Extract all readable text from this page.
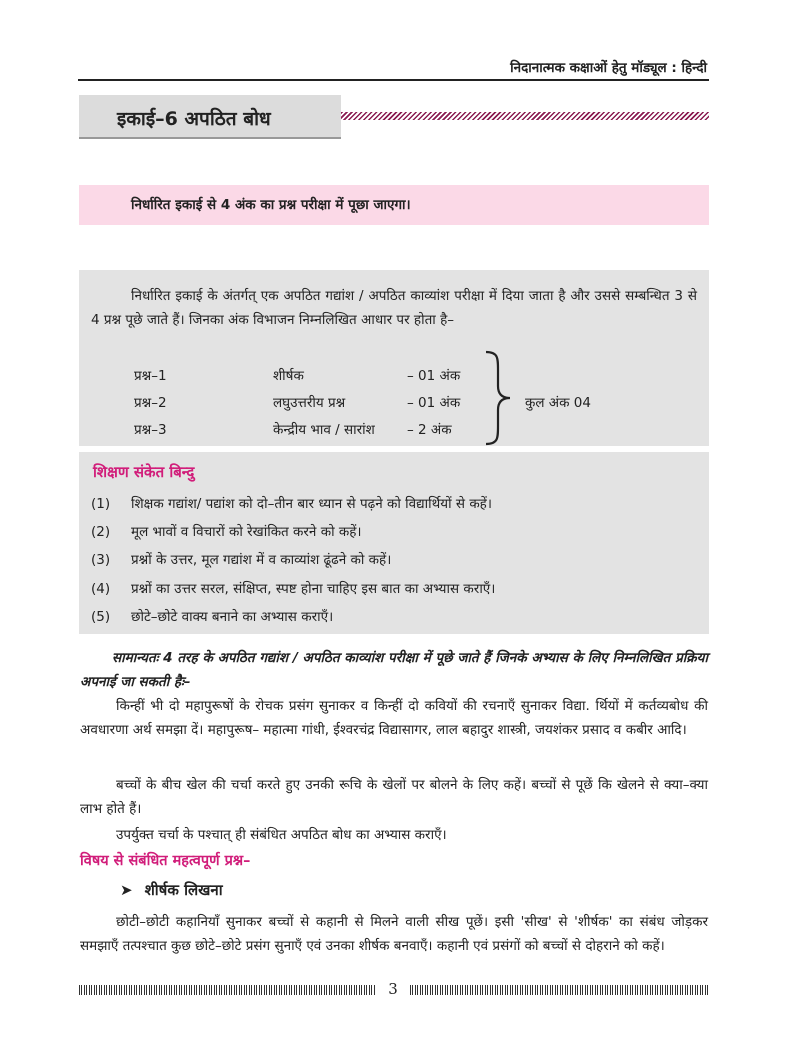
निदानात्मक कक्षाओं हेतु मॉड्यूल : हिन्दी
इकाई–6 अपठित बोध
निर्धारित इकाई से 4 अंक का प्रश्न परीक्षा में पूछा जाएगा।
निर्धारित इकाई के अंतर्गत् एक अपठित गद्यांश / अपठित काव्यांश परीक्षा में दिया जाता है और उससे सम्बन्धित 3 से 4 प्रश्न पूछे जाते हैं। जिनका अंक विभाजन निम्नलिखित आधार पर होता है–
प्रश्न–1	शीर्षक	– 01 अंक
प्रश्न–2	लघुउत्तरीय प्रश्न	– 01 अंक
प्रश्न–3	केन्द्रीय भाव / सारांश – 2 अंक
कुल अंक 04
शिक्षण संकेत बिन्दु
(1) शिक्षक गद्यांश/ पद्यांश को दो–तीन बार ध्यान से पढ़ने को विद्यार्थियों से कहें।
(2) मूल भावों व विचारों को रेखांकित करने को कहें।
(3) प्रश्नों के उत्तर, मूल गद्यांश में व काव्यांश ढूंढने को कहें।
(4) प्रश्नों का उत्तर सरल, संक्षिप्त, स्पष्ट होना चाहिए इस बात का अभ्यास कराएँ।
(5) छोटे–छोटे वाक्य बनाने का अभ्यास कराएँ।
सामान्यतः 4 तरह के अपठित गद्यांश / अपठित काव्यांश परीक्षा में पूछे जाते हैं जिनके अभ्यास के लिए निम्नलिखित प्रक्रिया अपनाई जा सकती हैः–
किन्हीं भी दो महापुरूषों के रोचक प्रसंग सुनाकर व किन्हीं दो कवियों की रचनाएँ सुनाकर विद्या. र्थियों में कर्तव्यबोध की अवधारणा अर्थ समझा दें। महापुरूष– महात्मा गांधी, ईश्वरचंद्र विद्यासागर, लाल बहादुर शास्त्री, जयशंकर प्रसाद व कबीर आदि।
बच्चों के बीच खेल की चर्चा करते हुए उनकी रूचि के खेलों पर बोलने के लिए कहें। बच्चों से पूछें कि खेलने से क्या–क्या लाभ होते हैं।
उपर्युक्त चर्चा के पश्चात् ही संबंधित अपठित बोध का अभ्यास कराएँ।
विषय से संबंधित महत्वपूर्ण प्रश्न–
➤ शीर्षक लिखना
छोटी–छोटी कहानियाँ सुनाकर बच्चों से कहानी से मिलने वाली सीख पूछें। इसी 'सीख' से 'शीर्षक' का संबंध जोड़कर समझाएँ तत्पश्चात कुछ छोटे–छोटे प्रसंग सुनाएँ एवं उनका शीर्षक बनवाएँ। कहानी एवं प्रसंगों को बच्चों से दोहराने को कहें।
3
